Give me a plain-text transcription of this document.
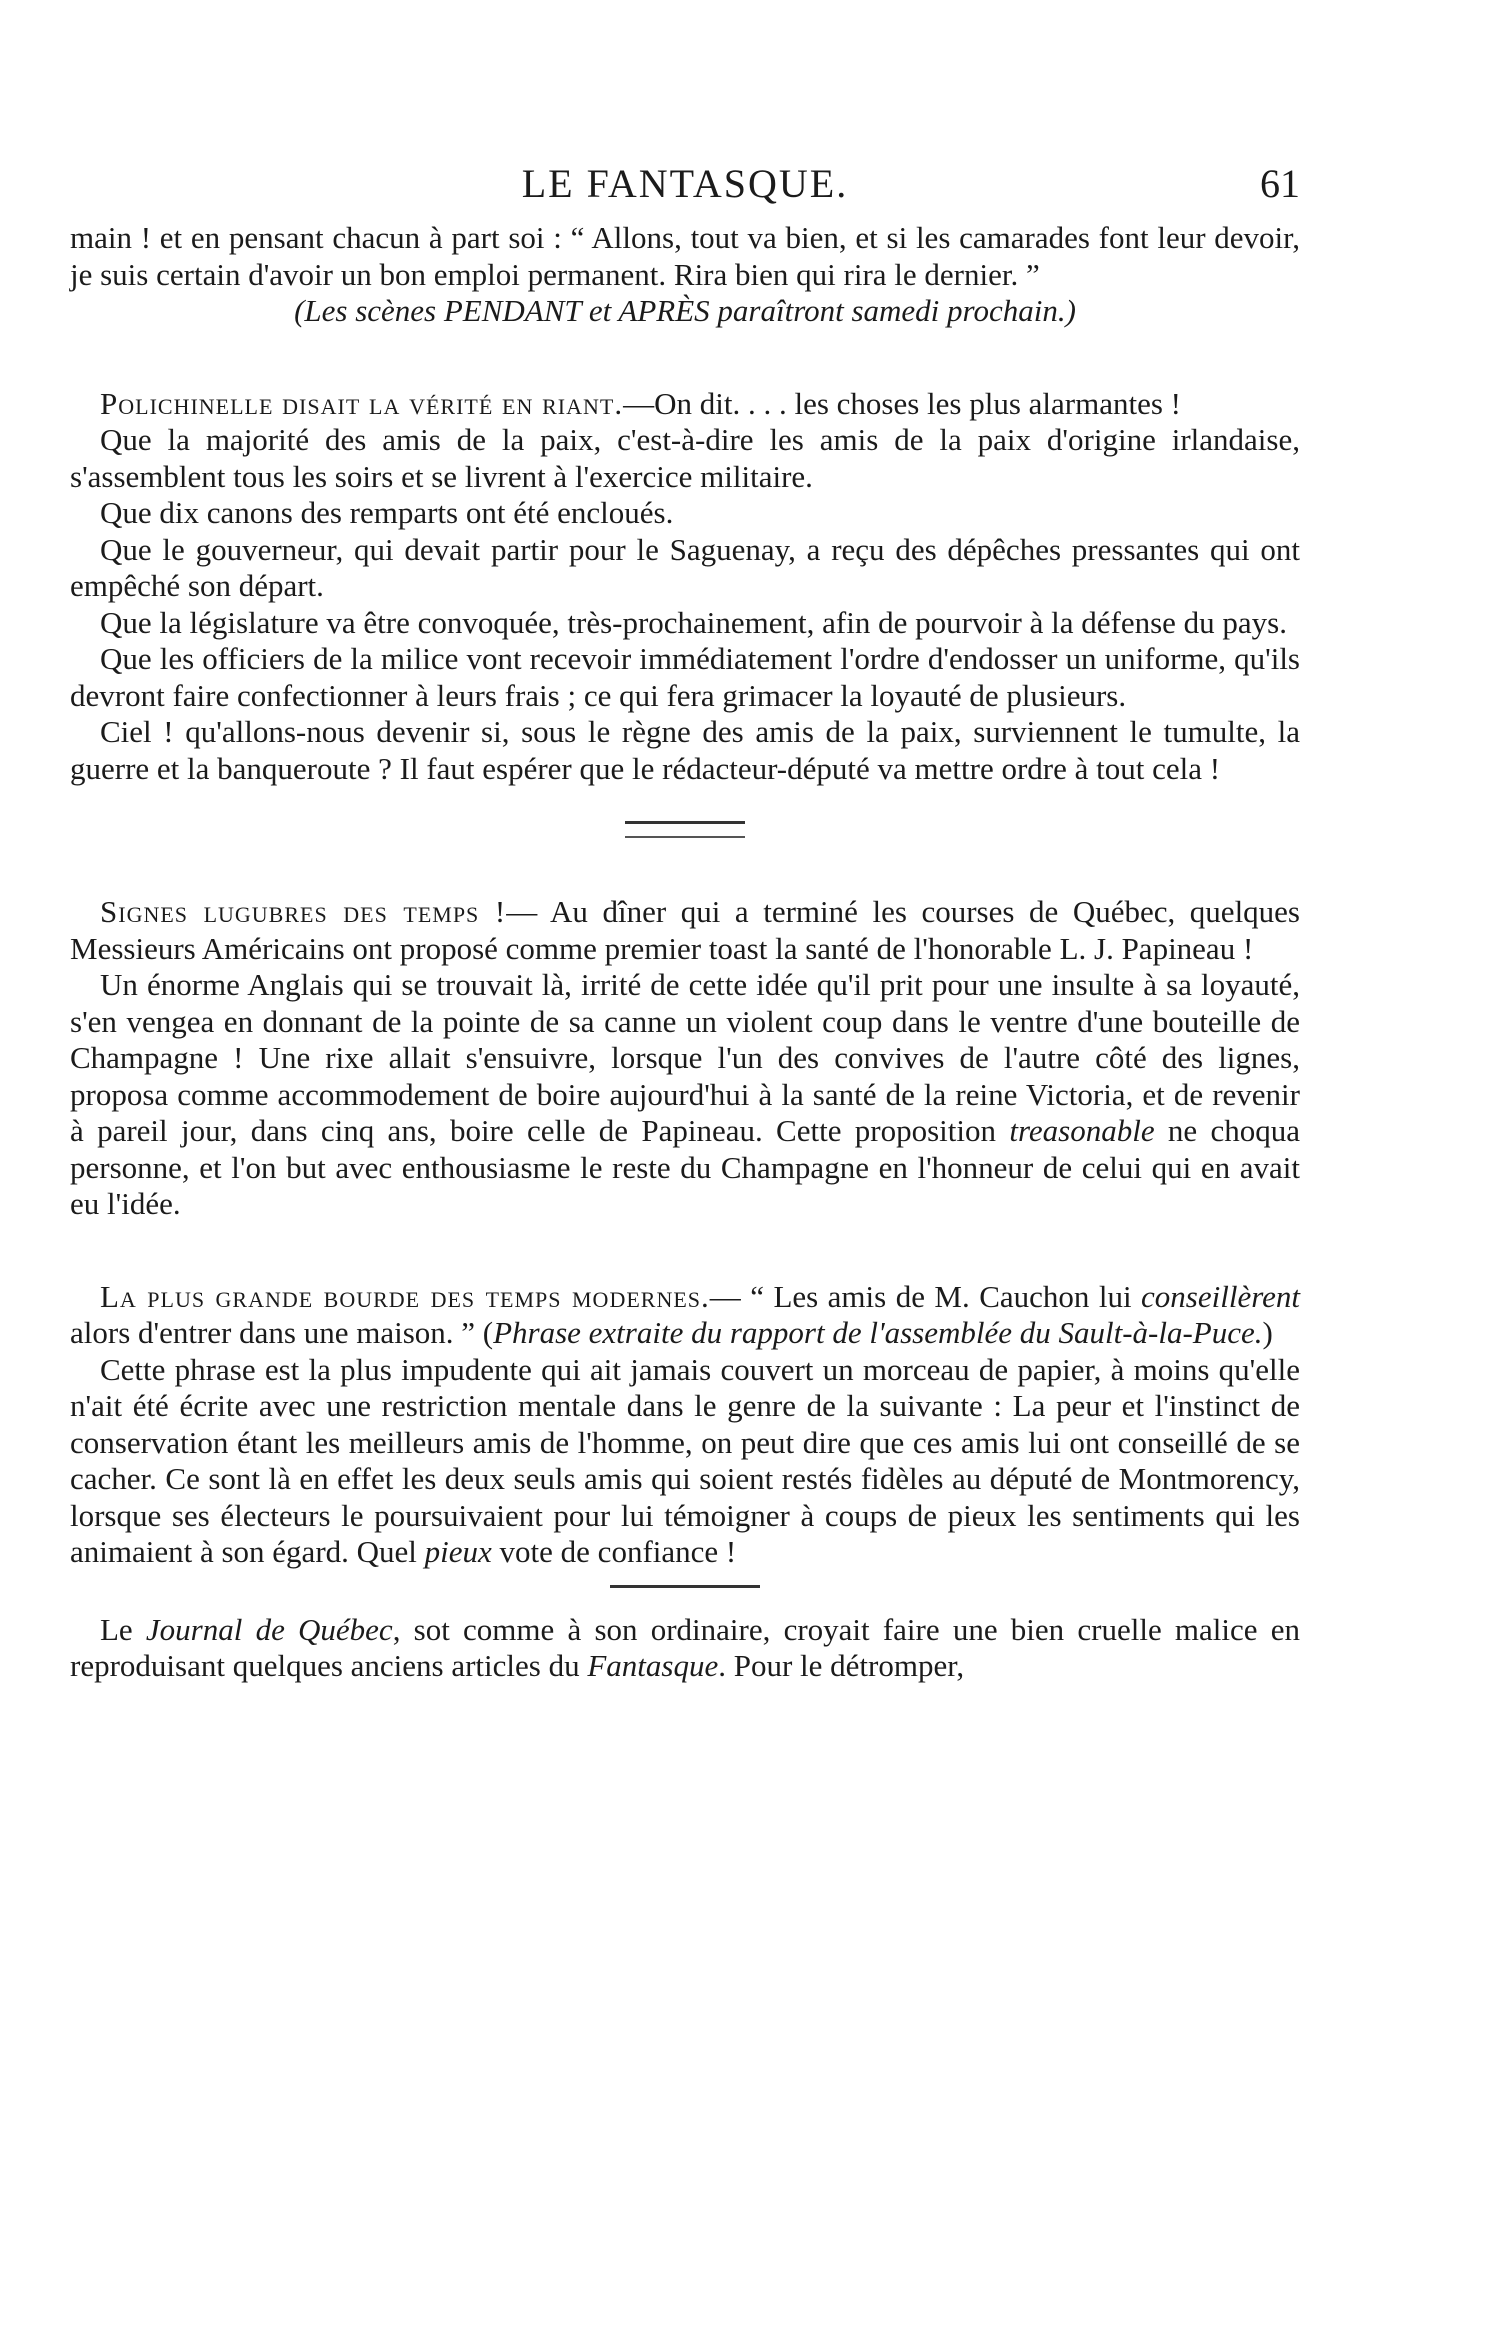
LE FANTASQUE.	61

main ! et en pensant chacun à part soi : “ Allons, tout va bien, et si les camarades font leur devoir, je suis certain d'avoir un bon emploi permanent. Rira bien qui rira le dernier. ”

(Les scènes PENDANT et APRÈS paraîtront samedi prochain.)

Polichinelle disait la vérité en riant.—On dit. . . . les choses les plus alarmantes !

Que la majorité des amis de la paix, c'est-à-dire les amis de la paix d'origine irlandaise, s'assemblent tous les soirs et se livrent à l'exercice militaire.

Que dix canons des remparts ont été encloués.

Que le gouverneur, qui devait partir pour le Saguenay, a reçu des dépêches pressantes qui ont empêché son départ.

Que la législature va être convoquée, très-prochainement, afin de pourvoir à la défense du pays.

Que les officiers de la milice vont recevoir immédiatement l'ordre d'endosser un uniforme, qu'ils devront faire confectionner à leurs frais ; ce qui fera grimacer la loyauté de plusieurs.

Ciel ! qu'allons-nous devenir si, sous le règne des amis de la paix, surviennent le tumulte, la guerre et la banqueroute ? Il faut espérer que le rédacteur-député va mettre ordre à tout cela !

Signes lugubres des temps !— Au dîner qui a terminé les courses de Québec, quelques Messieurs Américains ont proposé comme premier toast la santé de l'honorable L. J. Papineau !

Un énorme Anglais qui se trouvait là, irrité de cette idée qu'il prit pour une insulte à sa loyauté, s'en vengea en donnant de la pointe de sa canne un violent coup dans le ventre d'une bouteille de Champagne ! Une rixe allait s'ensuivre, lorsque l'un des convives de l'autre côté des lignes, proposa comme accommodement de boire aujourd'hui à la santé de la reine Victoria, et de revenir à pareil jour, dans cinq ans, boire celle de Papineau. Cette proposition treasonable ne choqua personne, et l'on but avec enthousiasme le reste du Champagne en l'honneur de celui qui en avait eu l'idée.

La plus grande bourde des temps modernes.— “ Les amis de M. Cauchon lui conseillèrent alors d'entrer dans une maison. ” (Phrase extraite du rapport de l'assemblée du Sault-à-la-Puce.)

Cette phrase est la plus impudente qui ait jamais couvert un morceau de papier, à moins qu'elle n'ait été écrite avec une restriction mentale dans le genre de la suivante : La peur et l'instinct de conservation étant les meilleurs amis de l'homme, on peut dire que ces amis lui ont conseillé de se cacher. Ce sont là en effet les deux seuls amis qui soient restés fidèles au député de Montmorency, lorsque ses électeurs le poursuivaient pour lui témoigner à coups de pieux les sentiments qui les animaient à son égard. Quel pieux vote de confiance !

Le Journal de Québec, sot comme à son ordinaire, croyait faire une bien cruelle malice en reproduisant quelques anciens articles du Fantasque. Pour le détromper,
